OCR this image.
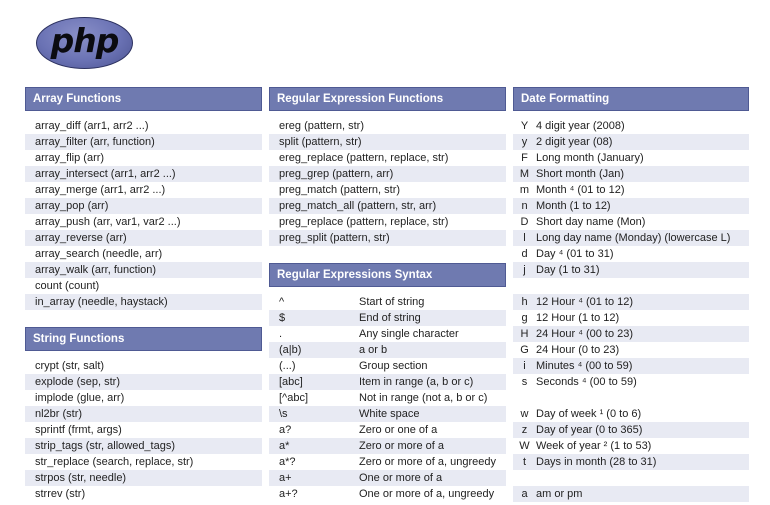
php
Array Functions
array_diff (arr1, arr2 ...)
array_filter (arr, function)
array_flip (arr)
array_intersect (arr1, arr2 ...)
array_merge (arr1, arr2 ...)
array_pop (arr)
array_push (arr, var1, var2 ...)
array_reverse (arr)
array_search (needle, arr)
array_walk (arr, function)
count (count)
in_array (needle, haystack)
String Functions
crypt (str, salt)
explode (sep, str)
implode (glue, arr)
nl2br (str)
sprintf (frmt, args)
strip_tags (str, allowed_tags)
str_replace (search, replace, str)
strpos (str, needle)
strrev (str)
Regular Expression Functions
ereg (pattern, str)
split (pattern, str)
ereg_replace (pattern, replace, str)
preg_grep (pattern, arr)
preg_match (pattern, str)
preg_match_all (pattern, str, arr)
preg_replace (pattern, replace, str)
preg_split (pattern, str)
Regular Expressions Syntax
^	Start of string
$	End of string
.	Any single character
(a|b)	a or b
(...)	Group section
[abc]	Item in range (a, b or c)
[^abc]	Not in range (not a, b or c)
\s	White space
a?	Zero or one of a
a*	Zero or more of a
a*?	Zero or more of a, ungreedy
a+	One or more of a
a+?	One or more of a, ungreedy
Date Formatting
Y 4 digit year (2008)
y 2 digit year (08)
F Long month (January)
M Short month (Jan)
m Month ⁴ (01 to 12)
n Month (1 to 12)
D Short day name (Mon)
l Long day name (Monday) (lowercase L)
d Day ⁴ (01 to 31)
j Day (1 to 31)
h 12 Hour ⁴ (01 to 12)
g 12 Hour (1 to 12)
H 24 Hour ⁴ (00 to 23)
G 24 Hour (0 to 23)
i Minutes ⁴ (00 to 59)
s Seconds ⁴ (00 to 59)
w Day of week ¹ (0 to 6)
z Day of year (0 to 365)
W Week of year ² (1 to 53)
t Days in month (28 to 31)
a am or pm
